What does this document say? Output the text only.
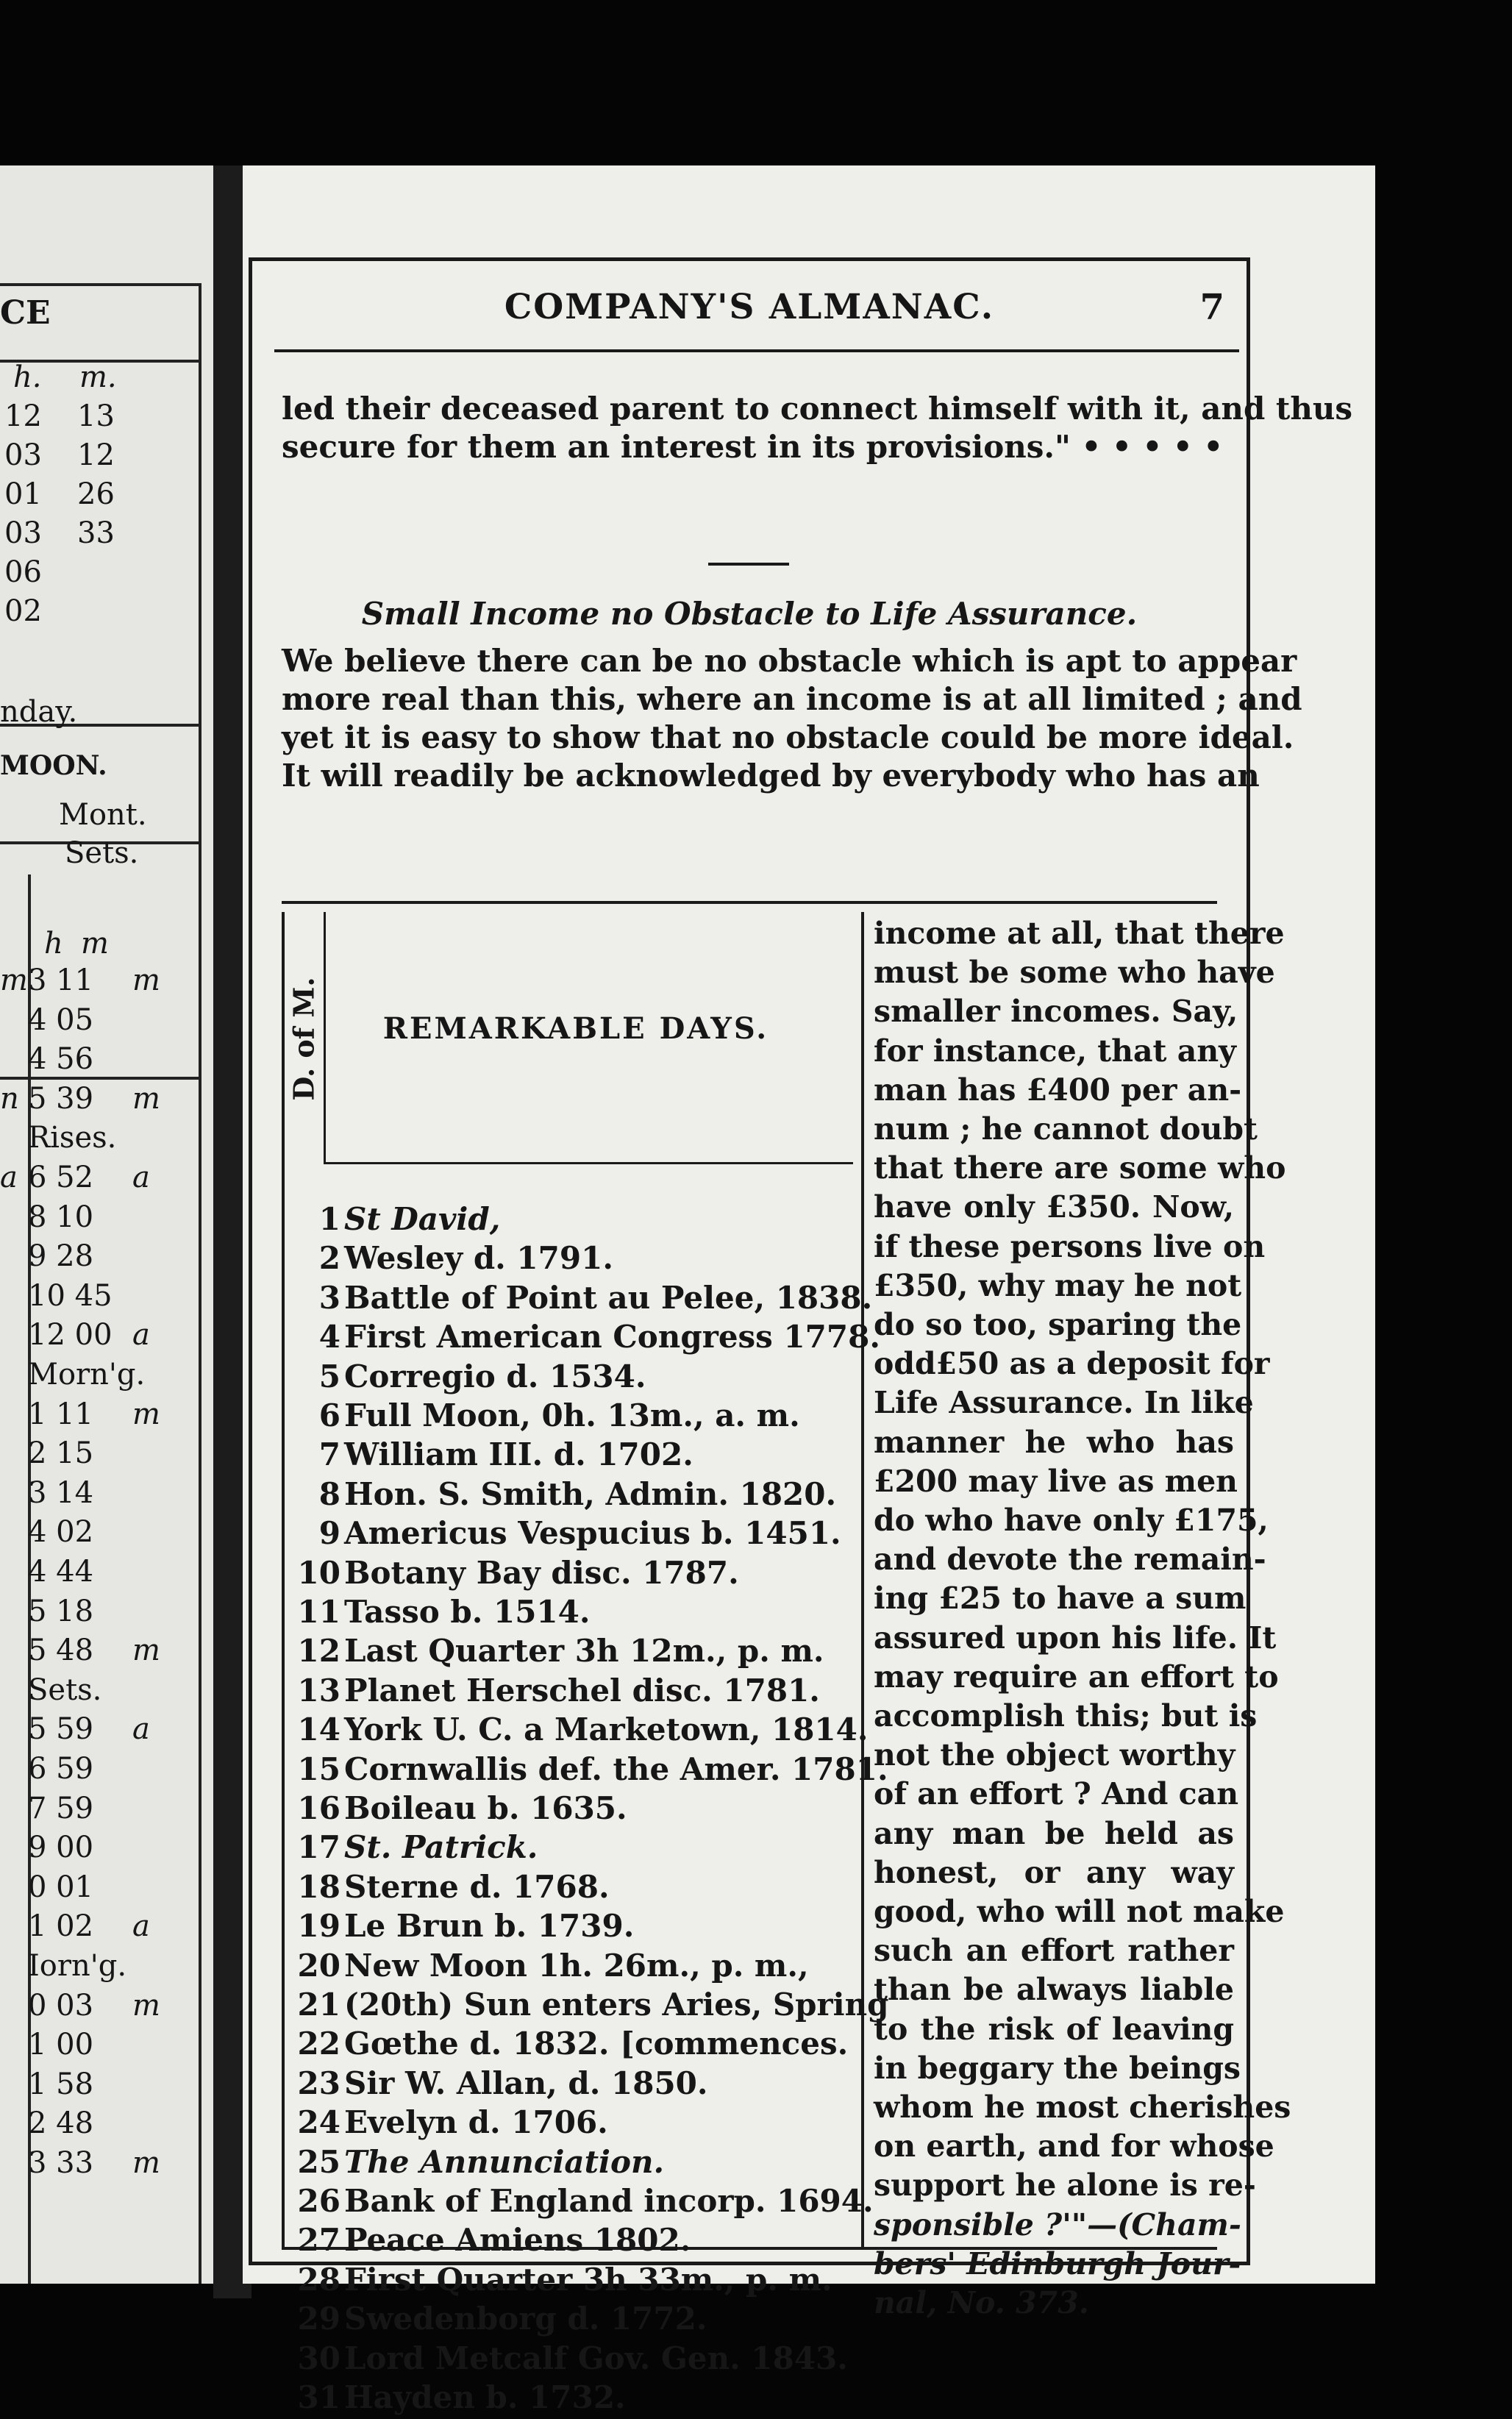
CE
h. m.
12 13
03 12
01 26
03 33
06
02
nday.
MOON.
Mont.
Sets.
h m
m 3 11 m
4 05
4 56
n 5 39 m
Rises.
a 6 52 a
8 10
9 28
10 45
12 00 a
Morn'g.
1 11 m
2 15
3 14
4 02
4 44
5 18
5 48 m
Sets.
5 59 a
6 59
7 59
9 00
0 01
1 02 a
Iorn'g.
0 03 m
1 00
1 58
2 48
3 33 m
COMPANY'S ALMANAC.	7
led their deceased parent to connect himself with it, and thus
secure for them an interest in its provisions." • • • • •
Small Income no Obstacle to Life Assurance.
We believe there can be no obstacle which is apt to appear
more real than this, where an income is at all limited ; and
yet it is easy to show that no obstacle could be more ideal.
It will readily be acknowledged by everybody who has an
D. of M.	REMARKABLE DAYS.
1 St David,
2 Wesley d. 1791.
3 Battle of Point au Pelee, 1838.
4 First American Congress 1778.
5 Corregio d. 1534.
6 Full Moon, 0h. 13m., a. m.
7 William III. d. 1702.
8 Hon. S. Smith, Admin. 1820.
9 Americus Vespucius b. 1451.
10 Botany Bay disc. 1787.
11 Tasso b. 1514.
12 Last Quarter 3h 12m., p. m.
13 Planet Herschel disc. 1781.
14 York U. C. a Marketown, 1814.
15 Cornwallis def. the Amer. 1781.
16 Boileau b. 1635.
17 St. Patrick.
18 Sterne d. 1768.
19 Le Brun b. 1739.
20 New Moon 1h. 26m., p. m.,
21 (20th) Sun enters Aries, Spring
22 Gœthe d. 1832. [commences.
23 Sir W. Allan, d. 1850.
24 Evelyn d. 1706.
25 The Annunciation.
26 Bank of England incorp. 1694.
27 Peace Amiens 1802.
28 First Quarter 3h 33m., p. m.
29 Swedenborg d. 1772.
30 Lord Metcalf Gov. Gen. 1843.
31 Hayden b. 1732.
income at all, that there
must be some who have
smaller incomes. Say,
for instance, that any
man has £400 per an-
num ; he cannot doubt
that there are some who
have only £350. Now,
if these persons live on
£350, why may he not
do so too, sparing the
odd£50 as a deposit for
Life Assurance. In like
manner he who has
£200 may live as men
do who have only £175,
and devote the remain-
ing £25 to have a sum
assured upon his life. It
may require an effort to
accomplish this; but is
not the object worthy
of an effort ? And can
any man be held as
honest, or any way
good, who will not make
such an effort rather
than be always liable
to the risk of leaving
in beggary the beings
whom he most cherishes
on earth, and for whose
support he alone is re-
sponsible ?'"—(Cham-
bers' Edinburgh Jour-
nal, No. 373.
